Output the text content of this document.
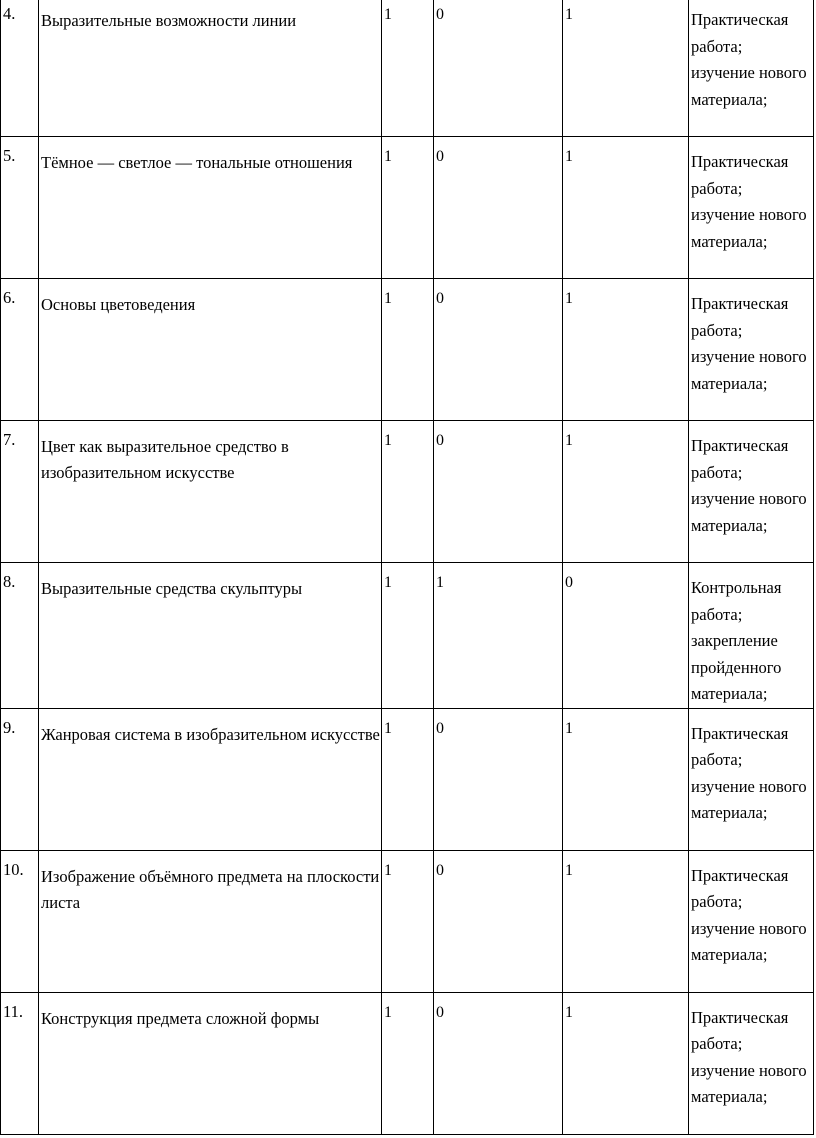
4.	Выразительные возможности линии	1	0	1	Практическая работа; изучение нового материала;

5.	Тёмное — светлое — тональные отношения	1	0	1	Практическая работа; изучение нового материала;

6.	Основы цветоведения	1	0	1	Практическая работа; изучение нового материала;

7.	Цвет как выразительное средство в изобразительном искусстве	1	0	1	Практическая работа; изучение нового материала;

8.	Выразительные средства скульптуры	1	1	0	Контрольная работа; закрепление пройденного материала;

9.	Жанровая система в изобразительном искусстве	1	0	1	Практическая работа; изучение нового материала;

10.	Изображение объёмного предмета на плоскости листа	1	0	1	Практическая работа; изучение нового материала;

11.	Конструкция предмета сложной формы	1	0	1	Практическая работа; изучение нового материала;
